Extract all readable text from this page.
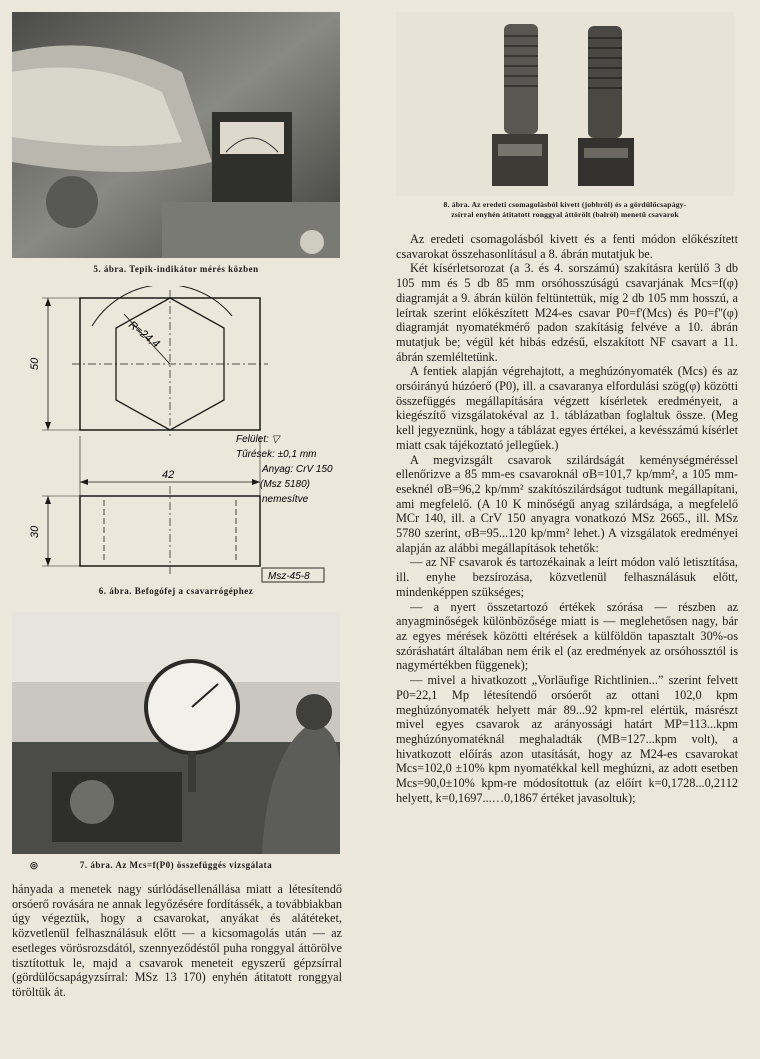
5. ábra. Tepik-indikátor mérés közben
50
R=24,4
42
30
Felület: ▽
Tűrések: ±0,1 mm
Anyag: CrV 150
(Msz 5180)
nemesítve
Msz-45-8
6. ábra. Befogófej a csavarrógéphez
◎	7. ábra. Az Mcs=f(P0) összefüggés vizsgálata

hányada a menetek nagy súrlódásellenállása miatt a létesítendő orsóerő rovására ne annak legyőzésére fordítássék, a továbbiakban úgy végeztük, hogy a csavarokat, anyákat és alátéteket, közvetlenül felhasználásuk előtt — a kicsomagolás után — az esetleges vörösrozsdától, szennyeződéstől puha ronggyal áttörölve tisztítottuk le, majd a csavarok meneteit egyszerű gépzsírral (gördülőcsapágyzsírral: MSz 13 170) enyhén átitatott ronggyal töröltük át.

8. ábra. Az eredeti csomagolásból kivett (jobbról) és a gördülőcsapágy-
zsírral enyhén átitatott ronggyal áttörölt (balról) menetű csavarok

Az eredeti csomagolásból kivett és a fenti módon előkészített csavarokat összehasonlításul a 8. ábrán mutatjuk be.

Két kísérletsorozat (a 3. és 4. sorszámú) szakításra kerülő 3 db 105 mm és 5 db 85 mm orsóhosszúságú csavarjának Mcs=f(φ) diagramját a 9. ábrán külön feltüntettük, míg 2 db 105 mm hosszú, a leírtak szerint előkészített M24-es csavar P0=f'(Mcs) és P0=f''(φ) diagramját nyomatékmérő padon szakításig felvéve a 10. ábrán mutatjuk be; végül két hibás edzésű, elszakított NF csavart a 11. ábrán szemléltetünk.

A fentiek alapján végrehajtott, a meghúzónyomaték (Mcs) és az orsóirányú húzóerő (P0), ill. a csavaranya elfordulási szög(φ) közötti összefüggés megállapítására végzett kísérletek eredményeit, a kiegészítő vizsgálatokéval az 1. táblázatban foglaltuk össze. (Meg kell jegyeznünk, hogy a táblázat egyes értékei, a kevésszámú kísérlet miatt csak tájékoztató jellegűek.)

A megvizsgált csavarok szilárdságát keménységméréssel ellenőrizve a 85 mm-es csavaroknál σB=101,7 kp/mm², a 105 mm-eseknél σB=96,2 kp/mm² szakítószilárdságot tudtunk megállapítani, ami megfelelő. (A 10 K minőségű anyag szilárdsága, a megfelelő MCr 140, ill. a CrV 150 anyagra vonatkozó MSz 2665., ill. MSz 5780 szerint, σB=95...120 kp/mm² lehet.) A vizsgálatok eredményei alapján az alábbi megállapítások tehetők:

— az NF csavarok és tartozékainak a leírt módon való letisztítása, ill. enyhe bezsírozása, közvetlenül felhasználásuk előtt, mindenképpen szükséges;

— a nyert összetartozó értékek szórása — részben az anyagminőségek különbözősége miatt is — meglehetősen nagy, bár az egyes mérések közötti eltérések a külföldön tapasztalt 30%-os szóráshatárt általában nem érik el (az eredmények az orsóhossztól is nagymértékben függenek);

— mivel a hivatkozott „Vorläufige Richtlinien...” szerint felvett P0=22,1 Mp létesítendő orsóerőt az ottani 102,0 kpm meghúzónyomaték helyett már 89...92 kpm-rel elértük, másrészt mivel egyes csavarok az arányossági határt MP=113...kpm meghúzónyomatéknál meghaladták (MB=127...kpm volt), a hivatkozott előírás azon utasítását, hogy az M24-es csavarokat Mcs=102,0 ±10% kpm nyomatékkal kell meghúzni, az adott esetben Mcs=90,0±10% kpm-re módosítottuk (az előírt k=0,1728...0,2112 helyett, k=0,1697...…0,1867 értéket javasoltuk);
